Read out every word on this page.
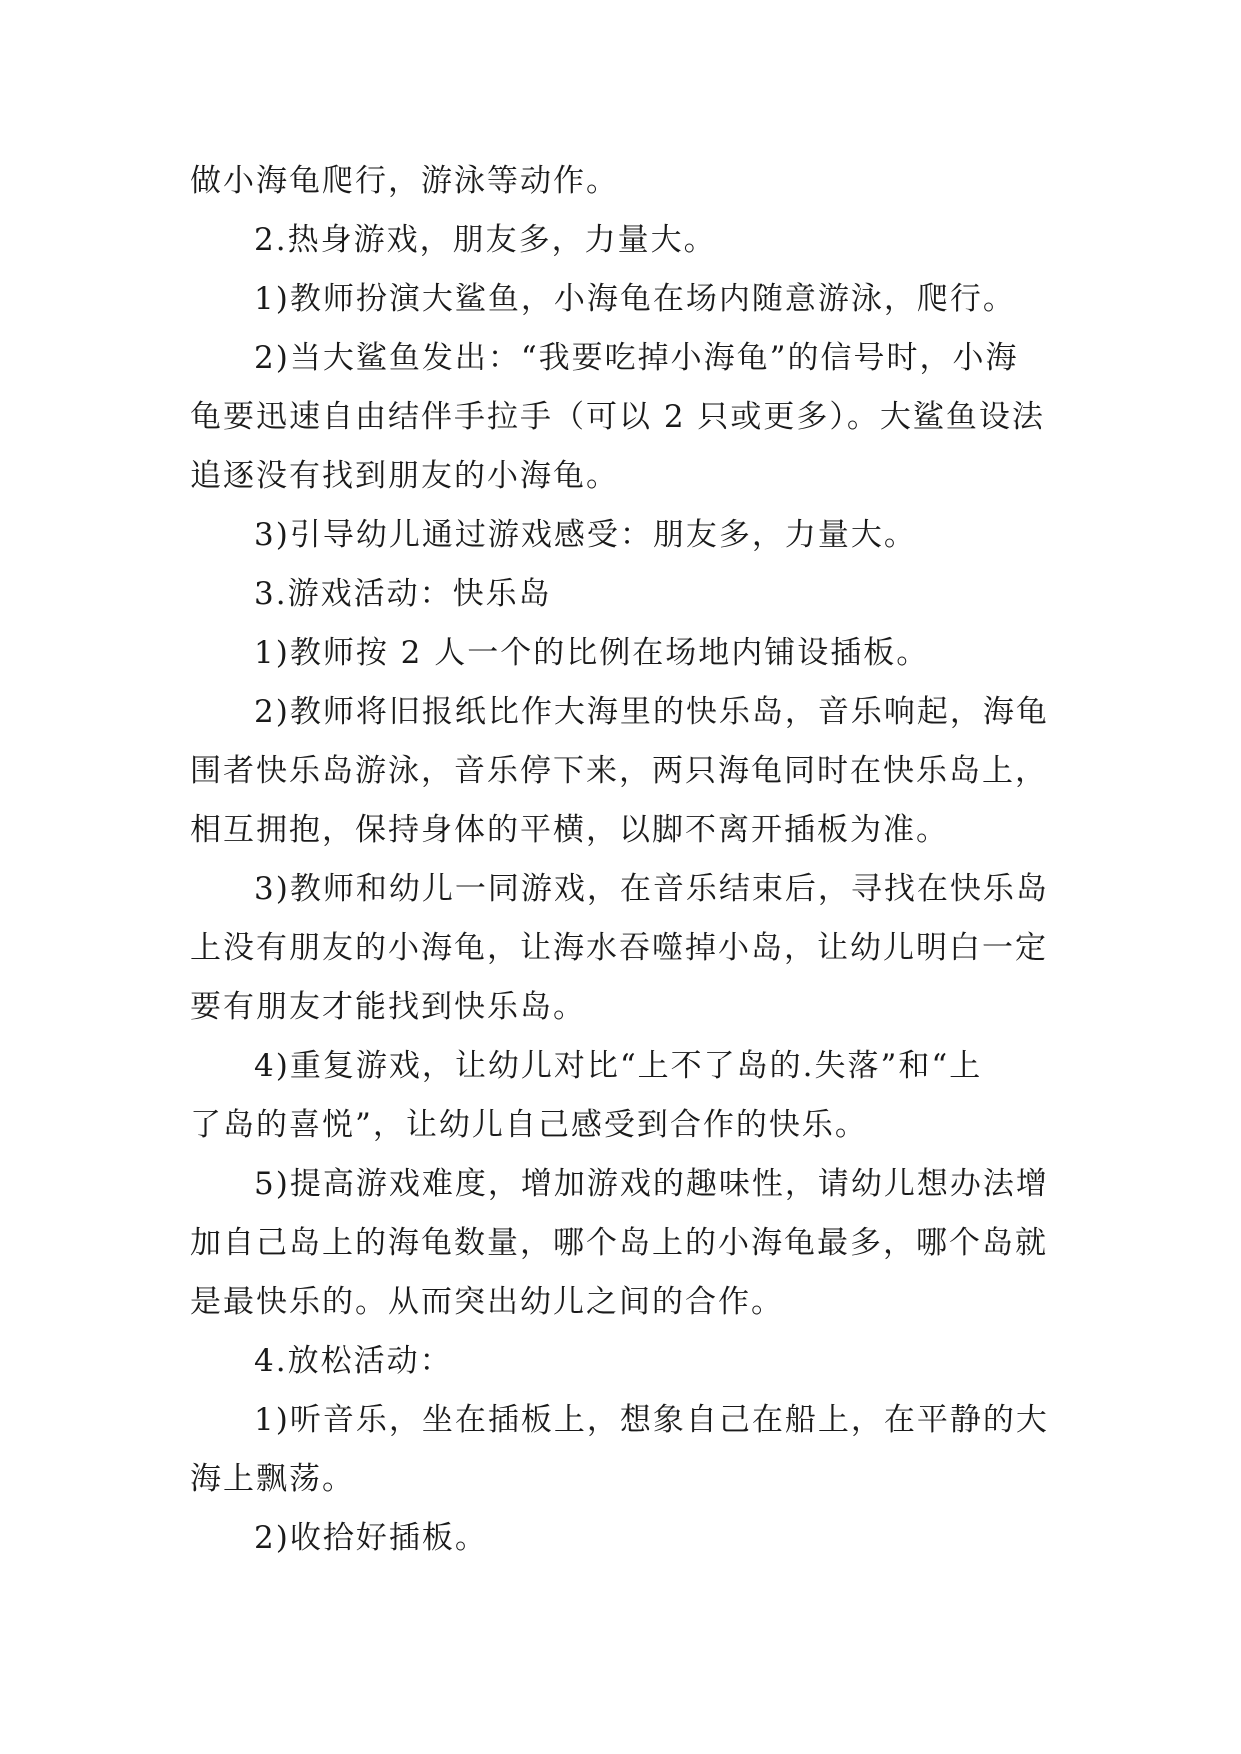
做小海龟爬行，游泳等动作。
2.热身游戏，朋友多，力量大。
1)教师扮演大鲨鱼，小海龟在场内随意游泳，爬行。
2)当大鲨鱼发出：“我要吃掉小海龟”的信号时，小海
龟要迅速自由结伴手拉手（可以 2 只或更多）。大鲨鱼设法
追逐没有找到朋友的小海龟。
3)引导幼儿通过游戏感受：朋友多，力量大。
3.游戏活动：快乐岛
1)教师按 2 人一个的比例在场地内铺设插板。
2)教师将旧报纸比作大海里的快乐岛，音乐响起，海龟
围者快乐岛游泳，音乐停下来，两只海龟同时在快乐岛上，
相互拥抱，保持身体的平横，以脚不离开插板为准。
3)教师和幼儿一同游戏，在音乐结束后，寻找在快乐岛
上没有朋友的小海龟，让海水吞噬掉小岛，让幼儿明白一定
要有朋友才能找到快乐岛。
4)重复游戏，让幼儿对比“上不了岛的.失落”和“上
了岛的喜悦”，让幼儿自己感受到合作的快乐。
5)提高游戏难度，增加游戏的趣味性，请幼儿想办法增
加自己岛上的海龟数量，哪个岛上的小海龟最多，哪个岛就
是最快乐的。从而突出幼儿之间的合作。
4.放松活动：
1)听音乐，坐在插板上，想象自己在船上，在平静的大
海上飘荡。
2)收拾好插板。
